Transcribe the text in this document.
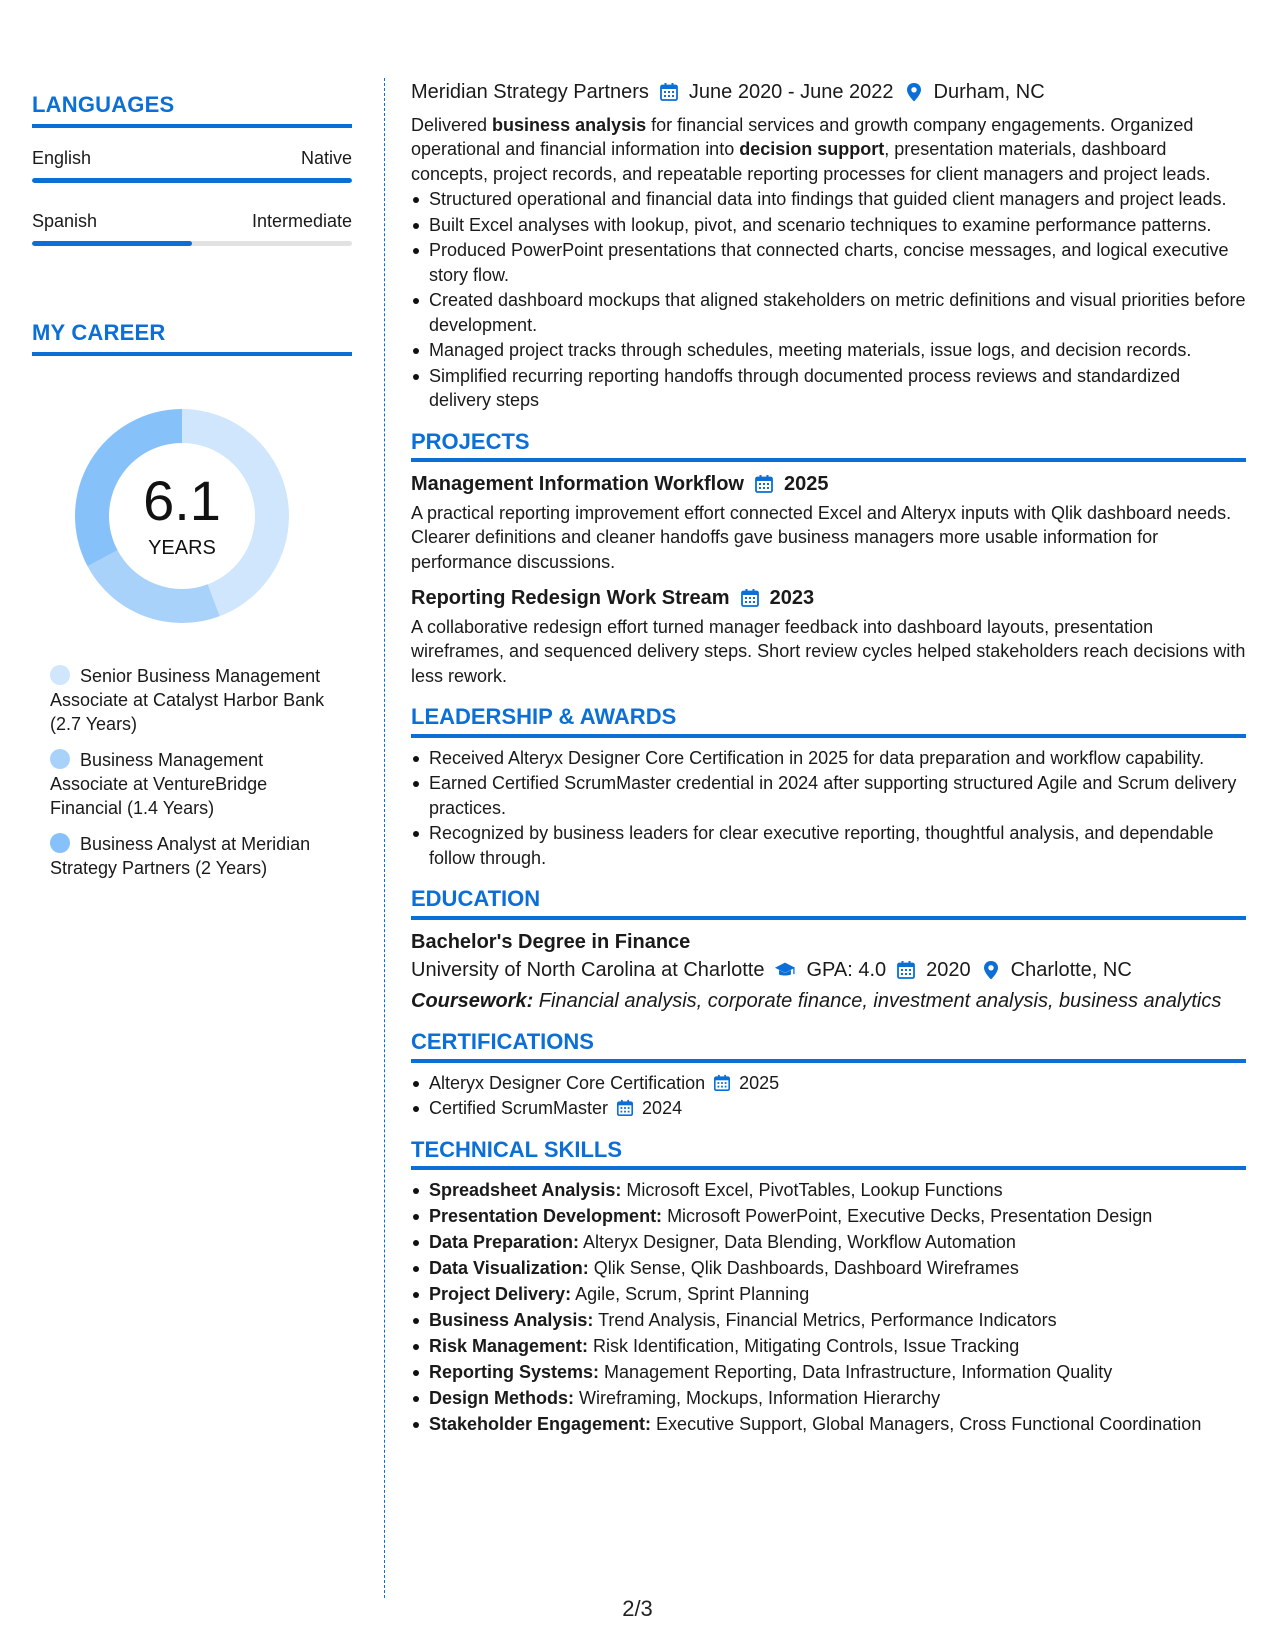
LANGUAGES
English	Native
Spanish	Intermediate
MY CAREER
6.1
YEARS
Senior Business Management Associate at Catalyst Harbor Bank (2.7 Years)
Business Management Associate at VentureBridge Financial (1.4 Years)
Business Analyst at Meridian Strategy Partners (2 Years)
Meridian Strategy Partners June 2020 - June 2022 Durham, NC
Delivered business analysis for financial services and growth company engagements. Organized operational and financial information into decision support, presentation materials, dashboard concepts, project records, and repeatable reporting processes for client managers and project leads.
Structured operational and financial data into findings that guided client managers and project leads.
Built Excel analyses with lookup, pivot, and scenario techniques to examine performance patterns.
Produced PowerPoint presentations that connected charts, concise messages, and logical executive story flow.
Created dashboard mockups that aligned stakeholders on metric definitions and visual priorities before development.
Managed project tracks through schedules, meeting materials, issue logs, and decision records.
Simplified recurring reporting handoffs through documented process reviews and standardized delivery steps
PROJECTS
Management Information Workflow 2025
A practical reporting improvement effort connected Excel and Alteryx inputs with Qlik dashboard needs. Clearer definitions and cleaner handoffs gave business managers more usable information for performance discussions.
Reporting Redesign Work Stream 2023
A collaborative redesign effort turned manager feedback into dashboard layouts, presentation wireframes, and sequenced delivery steps. Short review cycles helped stakeholders reach decisions with less rework.
LEADERSHIP & AWARDS
Received Alteryx Designer Core Certification in 2025 for data preparation and workflow capability.
Earned Certified ScrumMaster credential in 2024 after supporting structured Agile and Scrum delivery practices.
Recognized by business leaders for clear executive reporting, thoughtful analysis, and dependable follow through.
EDUCATION
Bachelor's Degree in Finance
University of North Carolina at Charlotte GPA: 4.0 2020 Charlotte, NC
Coursework: Financial analysis, corporate finance, investment analysis, business analytics
CERTIFICATIONS
Alteryx Designer Core Certification 2025
Certified ScrumMaster 2024
TECHNICAL SKILLS
Spreadsheet Analysis: Microsoft Excel, PivotTables, Lookup Functions
Presentation Development: Microsoft PowerPoint, Executive Decks, Presentation Design
Data Preparation: Alteryx Designer, Data Blending, Workflow Automation
Data Visualization: Qlik Sense, Qlik Dashboards, Dashboard Wireframes
Project Delivery: Agile, Scrum, Sprint Planning
Business Analysis: Trend Analysis, Financial Metrics, Performance Indicators
Risk Management: Risk Identification, Mitigating Controls, Issue Tracking
Reporting Systems: Management Reporting, Data Infrastructure, Information Quality
Design Methods: Wireframing, Mockups, Information Hierarchy
Stakeholder Engagement: Executive Support, Global Managers, Cross Functional Coordination
2/3
